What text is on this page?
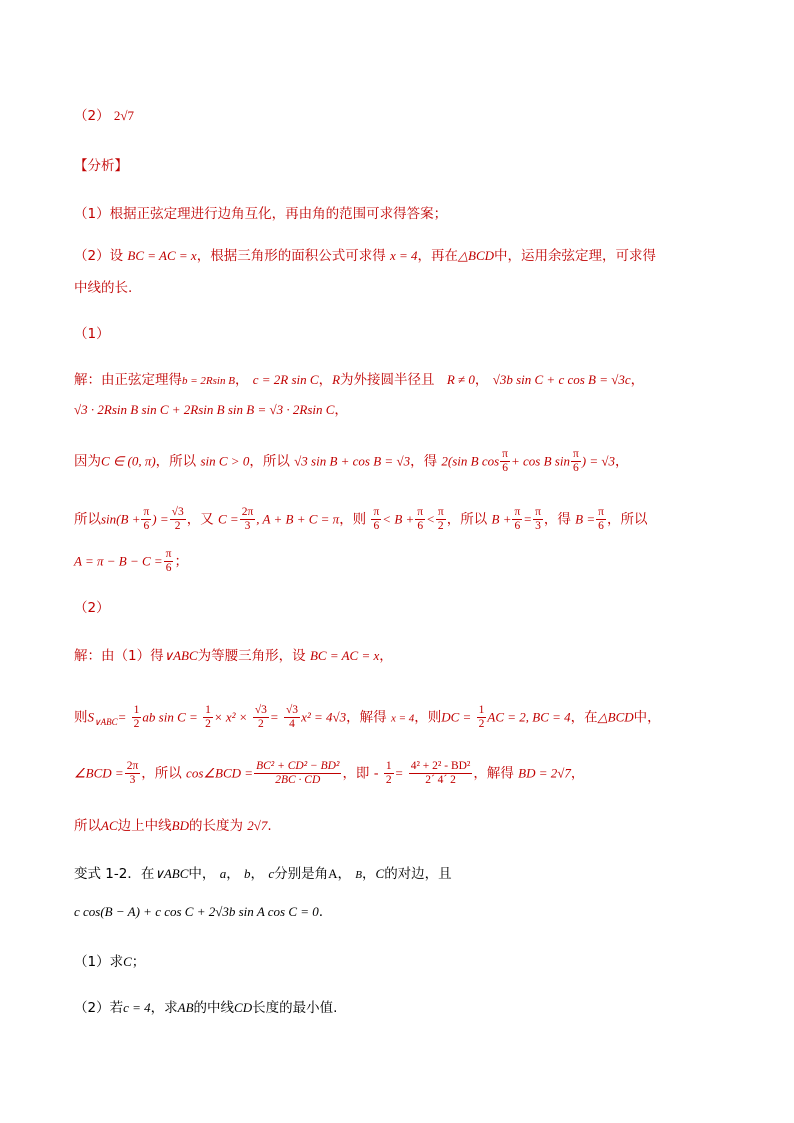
（2） 2√7
【分析】
（1）根据正弦定理进行边角互化，再由角的范围可求得答案；
（2）设 BC = AC = x，根据三角形的面积公式可求得 x = 4，再在△BCD中，运用余弦定理，可求得
中线的长.
（1）
解：由正弦定理得b = 2Rsin B， c = 2R sin C，R为外接圆半径且 R ≠ 0， √3b sin C + c cos B = √3c，
√3 · 2Rsin B sin C + 2Rsin B sin B = √3 · 2Rsin C，
因为C ∈ (0, π)，所以 sin C > 0，所以 √3 sin B + cos B = √3，得 2(sin B $\cos \frac{\pi}{6} + \cos B$ $\sin \frac{\pi}{6}$ ) = √3，
所以$\sin(B + \frac{\pi}{6}$ ) = $\frac{√3}{2}$ ，又 $C = \frac{2\pi}{3}$ , A + B + C = π，则 $\frac{\pi}{6} < B + \frac{\pi}{6} < \frac{\pi}{2}$ ，所以 $B + \frac{\pi}{6} = \frac{\pi}{3}$ ，得 $B = \frac{\pi}{6}$ ，所以
$A = \pi - B - C = \frac{\pi}{6}$ ；
（2）
解：由（1）得∨ABC为等腰三角形，设 BC = AC = x，
则$S_{\vee ABC}= \frac{1}{2}$ ab $\sin C = \frac{1}{2} \times x^2 \times \frac{√3}{2} = \frac{√3}{4} x^2 = 4√3$，解得 x = 4，则DC = $\frac{1}{2}$ AC = 2, BC = 4，在△BCD中，
∠BCD = $\frac{2\pi}{3}$ ，所以 cos∠BCD = $\frac{\text{BC² + CD² − BD²}}{2BC \cdot CD}$ ，即 - $\frac{1}{2} = \frac{\text{4² + 2² - BD²}}{2´ 4´ 2}$ ，解得 BD = 2√7，
所以AC边上中线BD的长度为 2√7.
变式 1-2．在∨ABC中， a， b， c分别是角A， B，C的对边，且
c cos(B − A) + c cos C + 2√3b sin A cos C = 0.
（1）求C；
（2）若c = 4，求AB的中线CD长度的最小值.
